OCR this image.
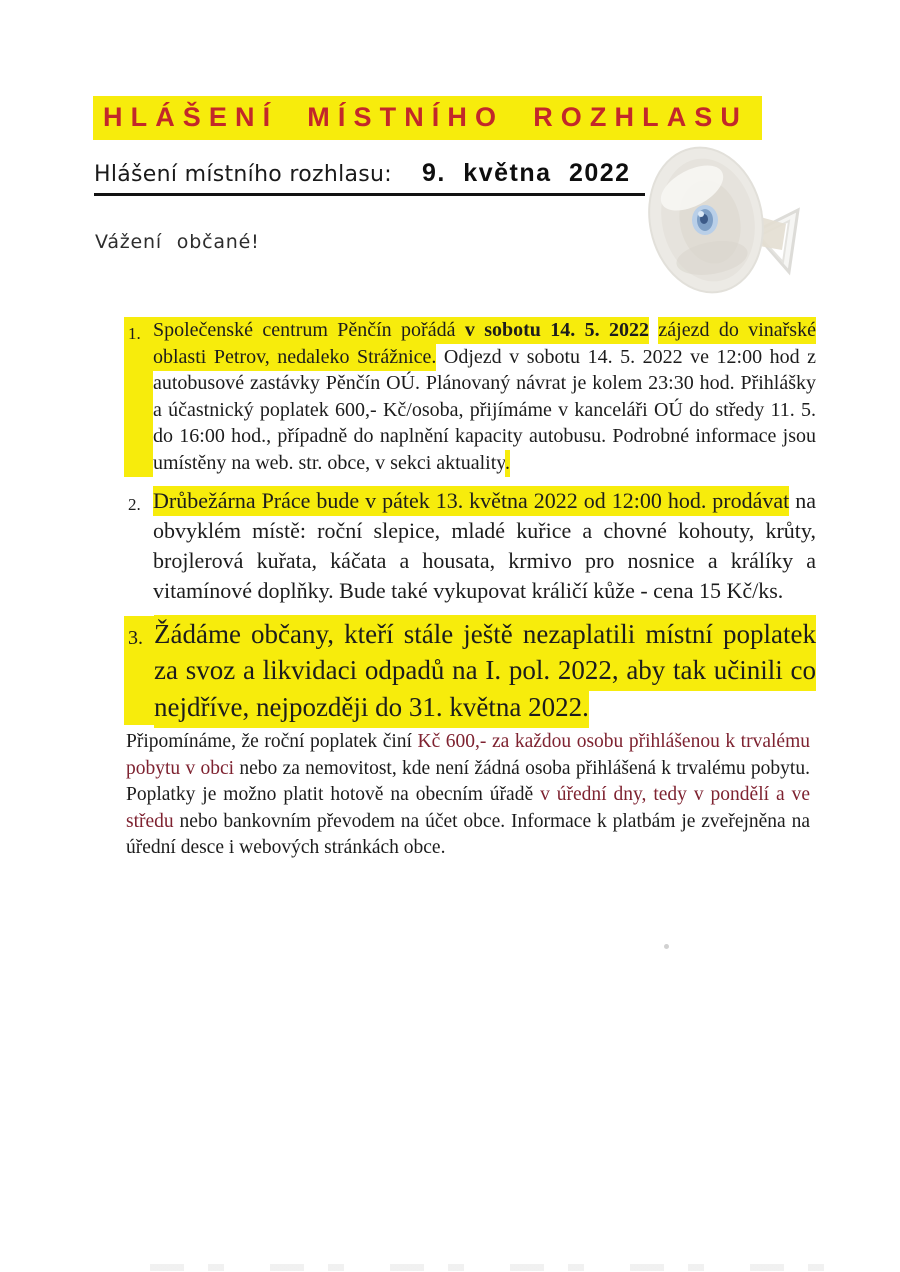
HLÁŠENÍ MÍSTNÍHO ROZHLASU
Hlášení místního rozhlasu: 9. května 2022
Vážení občané!
1. Společenské centrum Pěnčín pořádá v sobotu 14. 5. 2022 zájezd do vinařské oblasti Petrov, nedaleko Strážnice. Odjezd v sobotu 14. 5. 2022 ve 12:00 hod z autobusové zastávky Pěnčín OÚ. Plánovaný návrat je kolem 23:30 hod. Přihlášky a účastnický poplatek 600,- Kč/osoba, přijímáme v kanceláři OÚ do středy 11. 5. do 16:00 hod., případně do naplnění kapacity autobusu. Podrobné informace jsou umístěny na web. str. obce, v sekci aktuality.
2. Drůbežárna Práce bude v pátek 13. května 2022 od 12:00 hod. prodávat na obvyklém místě: roční slepice, mladé kuřice a chovné kohouty, krůty, brojlerová kuřata, káčata a housata, krmivo pro nosnice a králíky a vitamínové doplňky. Bude také vykupovat králičí kůže - cena 15 Kč/ks.
3. Žádáme občany, kteří stále ještě nezaplatili místní poplatek za svoz a likvidaci odpadů na I. pol. 2022, aby tak učinili co nejdříve, nejpozději do 31. května 2022.
Připomínáme, že roční poplatek činí Kč 600,- za každou osobu přihlášenou k trvalému pobytu v obci nebo za nemovitost, kde není žádná osoba přihlášená k trvalému pobytu. Poplatky je možno platit hotově na obecním úřadě v úřední dny, tedy v pondělí a ve středu nebo bankovním převodem na účet obce. Informace k platbám je zveřejněna na úřední desce i webových stránkách obce.
